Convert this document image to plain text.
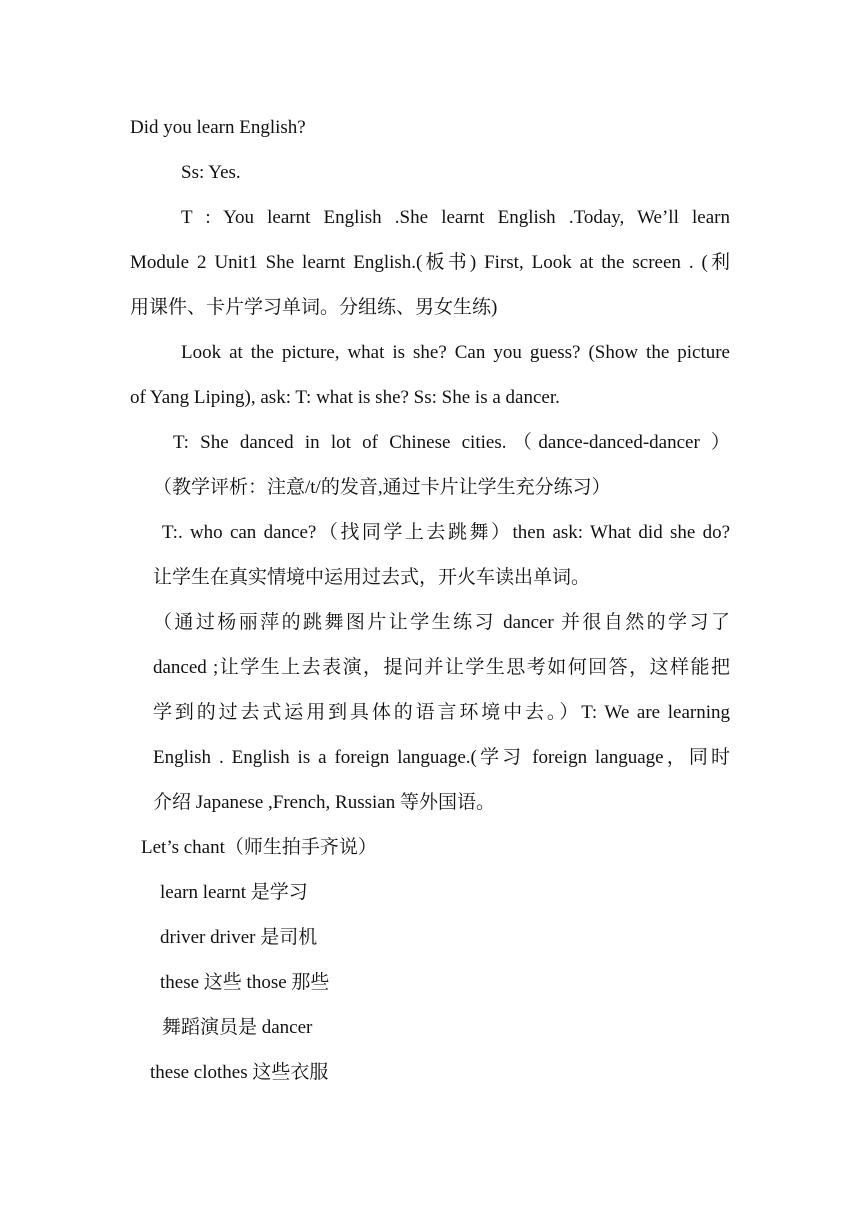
Did you learn English?
Ss: Yes.
T : You learnt English .She learnt English .Today, We’ll learn
Module 2 Unit1 She learnt English.(板书) First, Look at the screen . (利
用课件、卡片学习单词。分组练、男女生练)
Look at the picture, what is she? Can you guess? (Show the picture
of Yang Liping), ask: T: what is she? Ss: She is a dancer.
T: She danced in lot of Chinese cities.（dance-danced-dancer ）
（教学评析：注意/t/的发音,通过卡片让学生充分练习）
T:. who can dance?（找同学上去跳舞）then ask: What did she do?
让学生在真实情境中运用过去式，开火车读出单词。
（通过杨丽萍的跳舞图片让学生练习 dancer 并很自然的学习了
danced ;让学生上去表演，提问并让学生思考如何回答，这样能把
学到的过去式运用到具体的语言环境中去。）T: We are learning
English . English is a foreign language.(学习 foreign language，同时
介绍 Japanese ,French, Russian 等外国语。
Let’s chant（师生拍手齐说）
learn learnt 是学习
driver driver 是司机
these 这些 those 那些
舞蹈演员是 dancer
these clothes 这些衣服
